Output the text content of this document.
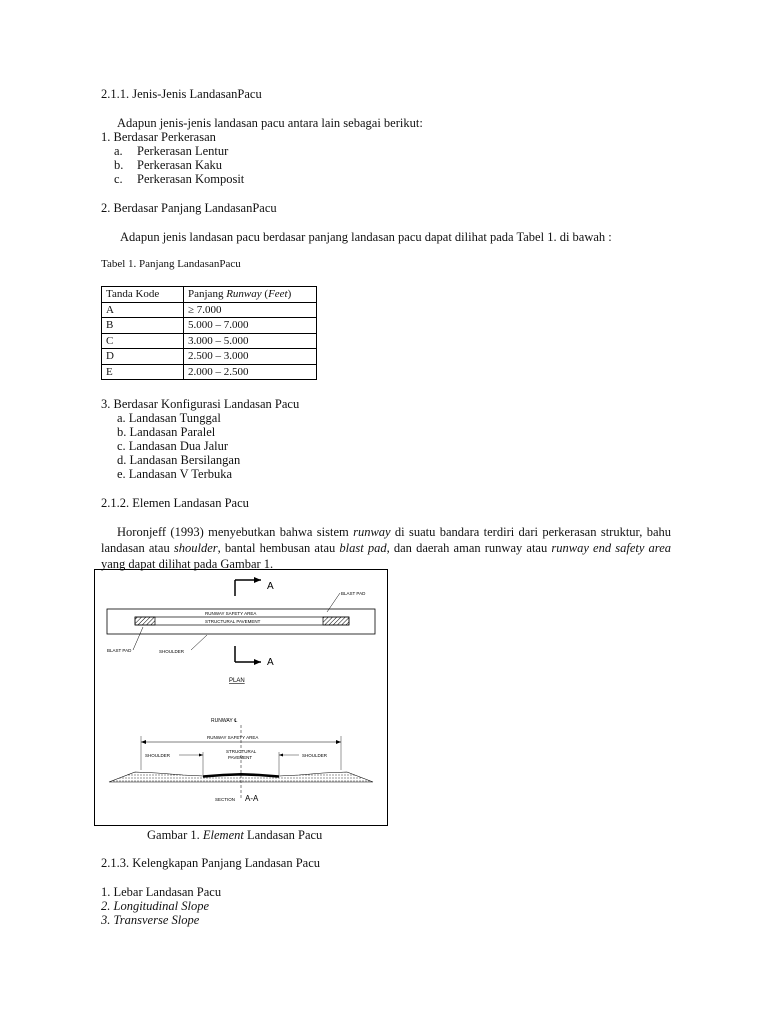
2.1.1. Jenis-Jenis LandasanPacu
Adapun jenis-jenis landasan pacu antara lain sebagai berikut:
1. Berdasar Perkerasan
a. Perkerasan Lentur
b. Perkerasan Kaku
c. Perkerasan Komposit
2. Berdasar Panjang LandasanPacu
Adapun jenis landasan pacu berdasar panjang landasan pacu dapat dilihat pada Tabel 1. di bawah :
Tabel 1. Panjang LandasanPacu
Tanda Kode	Panjang Runway (Feet)
A	≥ 7.000
B	5.000 – 7.000
C	3.000 – 5.000
D	2.500 – 3.000
E	2.000 – 2.500
3. Berdasar Konfigurasi Landasan Pacu
a. Landasan Tunggal
b. Landasan Paralel
c. Landasan Dua Jalur
d. Landasan Bersilangan
e. Landasan V Terbuka
2.1.2. Elemen Landasan Pacu
Horonjeff (1993) menyebutkan bahwa sistem runway di suatu bandara terdiri dari perkerasan struktur, bahu landasan atau shoulder, bantal hembusan atau blast pad, dan daerah aman runway atau runway end safety area yang dapat dilihat pada Gambar 1.
A
BLAST PAD
RUNWAY SAFETY AREA
STRUCTURAL PAVEMENT
BLAST PAD	SHOULDER
A
PLAN
RUNWAY ℄
RUNWAY SAFETY AREA
SHOULDER	SHOULDER
STRUCTURAL
PAVEMENT
SECTION A-A
Gambar 1. Element Landasan Pacu
2.1.3. Kelengkapan Panjang Landasan Pacu
1. Lebar Landasan Pacu
2. Longitudinal Slope
3. Transverse Slope
